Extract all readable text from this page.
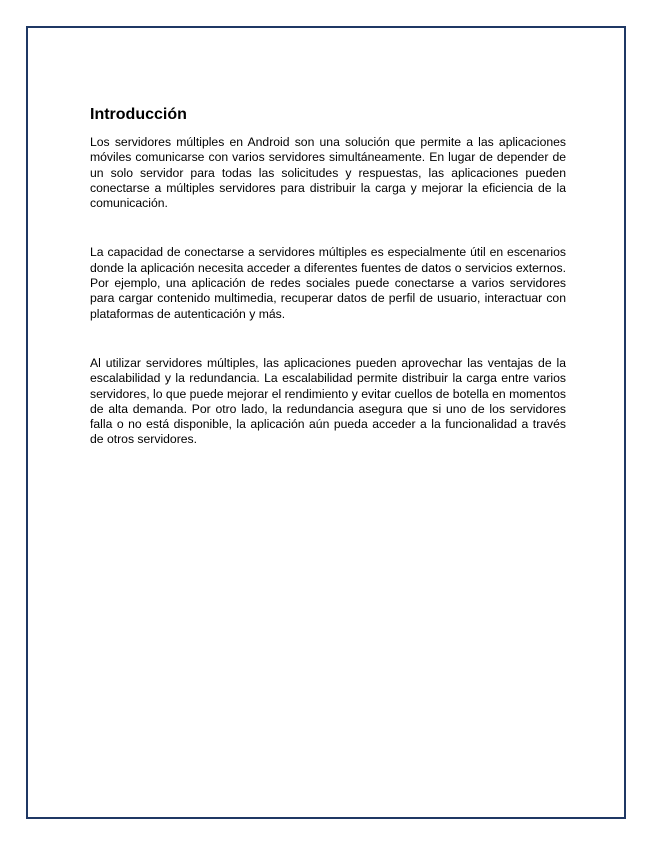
Introducción

Los servidores múltiples en Android son una solución que permite a las aplicaciones móviles comunicarse con varios servidores simultáneamente. En lugar de depender de un solo servidor para todas las solicitudes y respuestas, las aplicaciones pueden conectarse a múltiples servidores para distribuir la carga y mejorar la eficiencia de la comunicación.

La capacidad de conectarse a servidores múltiples es especialmente útil en escenarios donde la aplicación necesita acceder a diferentes fuentes de datos o servicios externos. Por ejemplo, una aplicación de redes sociales puede conectarse a varios servidores para cargar contenido multimedia, recuperar datos de perfil de usuario, interactuar con plataformas de autenticación y más.

Al utilizar servidores múltiples, las aplicaciones pueden aprovechar las ventajas de la escalabilidad y la redundancia. La escalabilidad permite distribuir la carga entre varios servidores, lo que puede mejorar el rendimiento y evitar cuellos de botella en momentos de alta demanda. Por otro lado, la redundancia asegura que si uno de los servidores falla o no está disponible, la aplicación aún pueda acceder a la funcionalidad a través de otros servidores.
